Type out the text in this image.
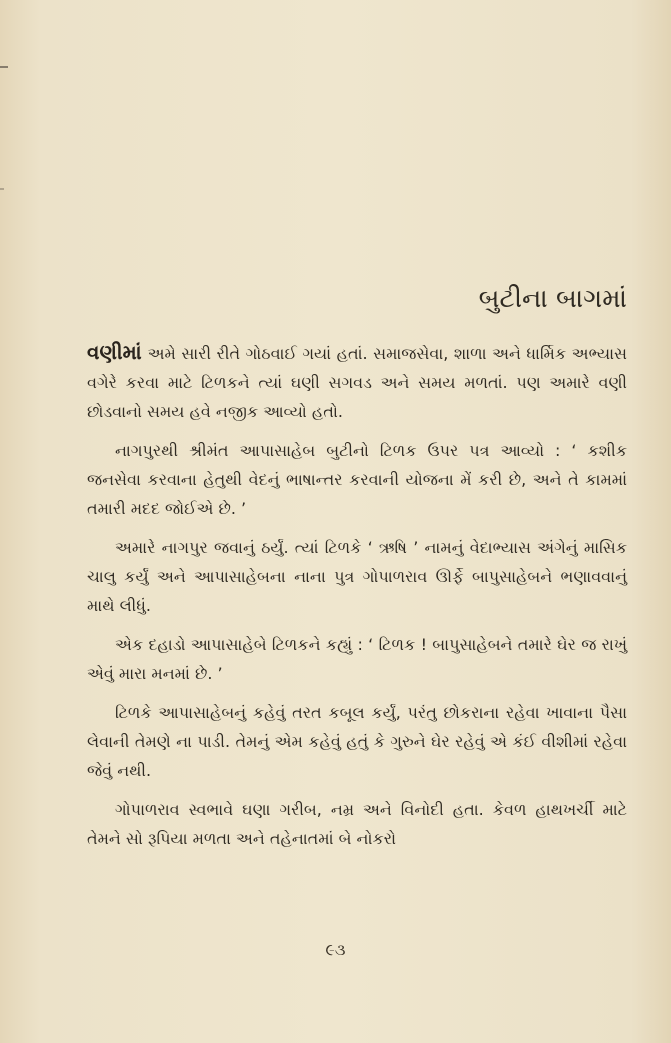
બુટીના બાગમાં

વણીમાં અમે સારી રીતે ગોઠવાઈ ગયાં હતાં. સમાજસેવા, શાળા અને ધાર્મિક અભ્યાસ વગેરે કરવા માટે ટિળકને ત્યાં ઘણી સગવડ અને સમય મળતાં. પણ અમારે વણી છોડવાનો સમય હવે નજીક આવ્યો હતો.

નાગપુરથી શ્રીમંત આપાસાહેબ બુટીનો ટિળક ઉપર પત્ર આવ્યો : ‘ કશીક જનસેવા કરવાના હેતુથી વેદનું ભાષાન્તર કરવાની યોજના મેં કરી છે, અને તે કામમાં તમારી મદદ જોઈએ છે. ’

અમારે નાગપુર જવાનું ઠર્યું. ત્યાં ટિળકે ‘ ઋષિ ’ નામનું વેદાભ્યાસ અંગેનું માસિક ચાલુ કર્યું અને આપાસાહેબના નાના પુત્ર ગોપાળરાવ ઊર્ફે બાપુસાહેબને ભણાવવાનું માથે લીધું.

એક દહાડો આપાસાહેબે ટિળકને કહ્યું : ‘ ટિળક ! બાપુસાહેબને તમારે ઘેર જ રાખું એવું મારા મનમાં છે. ’

ટિળકે આપાસાહેબનું કહેવું તરત કબૂલ કર્યું, પરંતુ છોકરાના રહેવા ખાવાના પૈસા લેવાની તેમણે ના પાડી. તેમનું એમ કહેવું હતું કે ગુરુને ઘેર રહેવું એ કંઈ વીશીમાં રહેવા જેવું નથી.

ગોપાળરાવ સ્વભાવે ઘણા ગરીબ, નમ્ર અને વિનોદી હતા. કેવળ હાથખર્ચી માટે તેમને સો રૂપિયા મળતા અને તહેનાતમાં બે નોકરો

૯૩
